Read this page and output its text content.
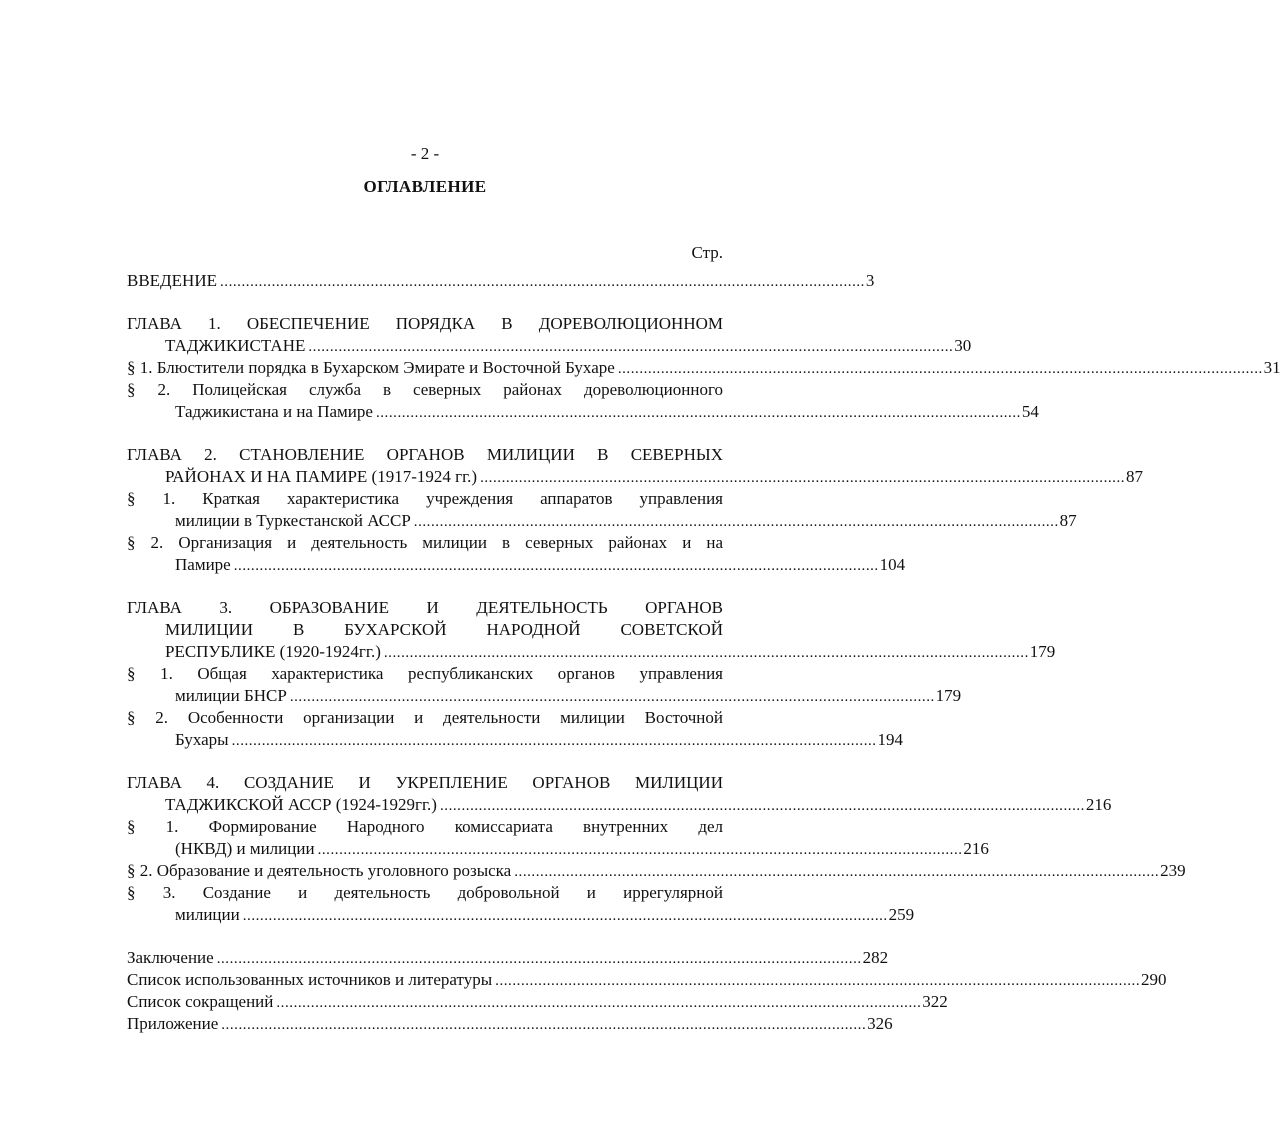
- 2 -
ОГЛАВЛЕНИЕ
Стр.
ВВЕДЕНИЕ . . .	3
ГЛАВА 1. ОБЕСПЕЧЕНИЕ ПОРЯДКА В ДОРЕВОЛЮЦИОННОМ
ТАДЖИКИСТАНЕ . . .	30
§ 1. Блюстители порядка в Бухарском Эмирате и Восточной Бухаре . . .	31
§ 2. Полицейская служба в северных районах дореволюционного
Таджикистана и на Памире . . .	54
ГЛАВА 2. СТАНОВЛЕНИЕ ОРГАНОВ МИЛИЦИИ В СЕВЕРНЫХ
РАЙОНАХ И НА ПАМИРЕ (1917-1924 гг.) . . .	87
§ 1. Краткая характеристика учреждения аппаратов управления
милиции в Туркестанской АССР . . .	87
§ 2. Организация и деятельность милиции в северных районах и на
Памире . . .	104
ГЛАВА 3. ОБРАЗОВАНИЕ И ДЕЯТЕЛЬНОСТЬ ОРГАНОВ
МИЛИЦИИ В БУХАРСКОЙ НАРОДНОЙ СОВЕТСКОЙ
РЕСПУБЛИКЕ (1920-1924гг.) . . .	179
§ 1. Общая характеристика республиканских органов управления
милиции БНСР . . .	179
§ 2. Особенности организации и деятельности милиции Восточной
Бухары . . .	194
ГЛАВА 4. СОЗДАНИЕ И УКРЕПЛЕНИЕ ОРГАНОВ МИЛИЦИИ
ТАДЖИКСКОЙ АССР (1924-1929гг.) . . .	216
§ 1. Формирование Народного комиссариата внутренних дел
(НКВД) и милиции . . .	216
§ 2. Образование и деятельность уголовного розыска . . .	239
§ 3. Создание и деятельность добровольной и иррегулярной
милиции . . .	259
Заключение . . .	282
Список использованных источников и литературы . . .	290
Список сокращений . . .	322
Приложение . . .	326
